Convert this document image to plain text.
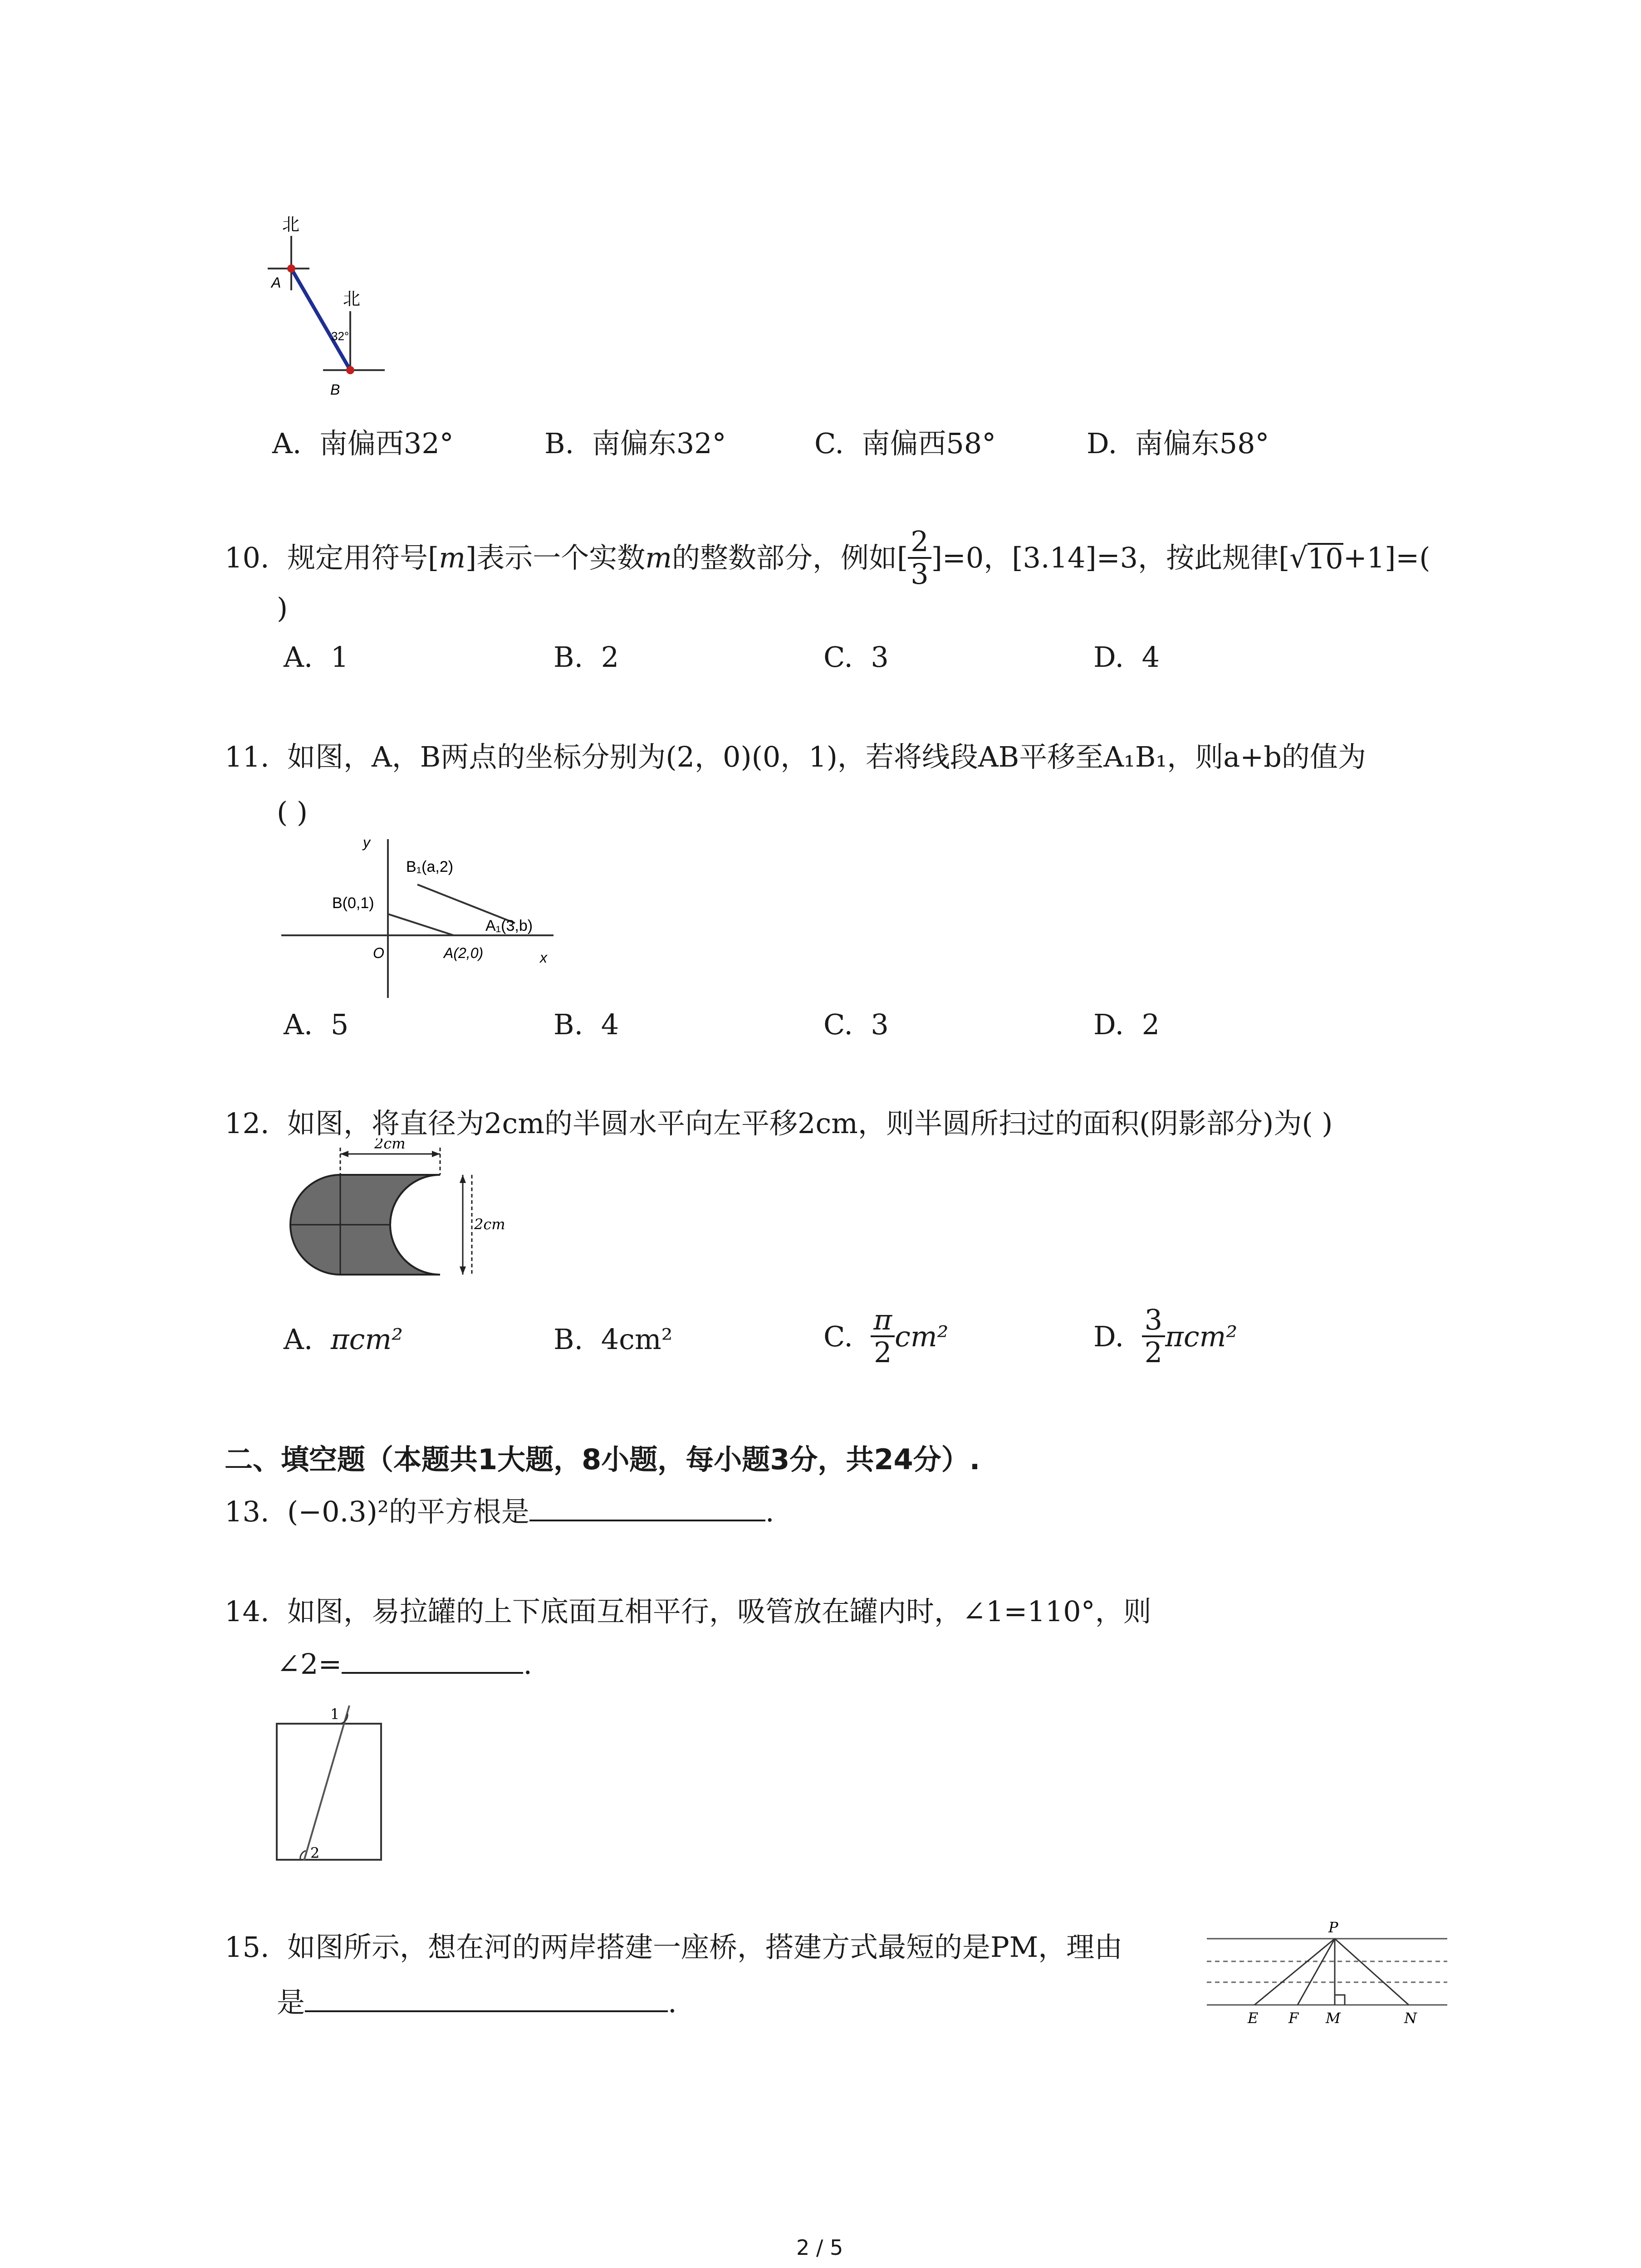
北
北
A
B
32°
A. 南偏西32°	B. 南偏东32°	C. 南偏西58°	D. 南偏东58°
10.
规定用符号[ m ]表示一个实数 m 的整数部分，例如[ $\frac{2}{3} ]=0$，[3.14]=3，按此规律[ √ 10 +1]=(
)
A. 1	B. 2	C. 3	D. 4
11. 如图，A，B两点的坐标分别为(2，0)(0，1)，若将线段AB平移至A₁B₁，则a+b的值为
( )
y
x
O
B(0,1)
B₁(a,2)
A₁(3,b)
A(2,0)
A. 5	B. 4	C. 3	D. 2
12. 如图，将直径为2cm的半圆水平向左平移2cm，则半圆所扫过的面积(阴影部分)为( )
2cm
2cm
A. πcm²	B. 4cm²	C.
$\frac{\pi}{2} cm^2$	D.
$\frac{3}{2} \pi cm^2$
二、填空题（本题共1大题，8小题，每小题3分，共24分）.
13. (−0.3)²的平方根是	.
14. 如图，易拉罐的上下底面互相平行，吸管放在罐内时，∠1=110°，则
∠2=	.
1
2
15. 如图所示，想在河的两岸搭建一座桥，搭建方式最短的是PM，理由
是	.
P
E F M	N
2 / 5
